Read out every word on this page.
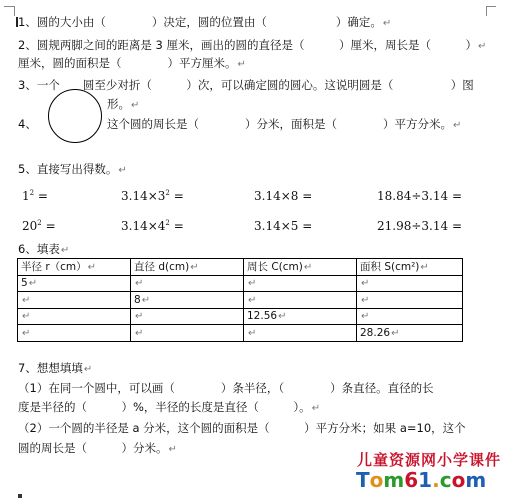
1、圆的大小由（　　　　）决定，圆的位置由（　　　　　　）确定。↵
2、圆规两脚之间的距离是 3 厘米，画出的圆的直径是（　　　）厘米，周长是（　　　）↵
厘米，圆的面积是（　　　　）平方厘米。↵
3、一个　　圆至少对折（　　　）次，可以确定圆的圆心。这说明圆是（　　　　　）图
形。↵
4、	这个圆的周长是（　　　　）分米，面积是（　　　　）平方分米。↵
5、直接写出得数。↵
$1^2$ =	$3.14\times 3^2$ =	3.14×8 =	18.84÷3.14 =
$20^2$ =	$3.14\times 4^2$ =	3.14×5 =	21.98÷3.14 =
6、填表↵
半径 r（cm）↵	直径 d(cm)↵	周长 C(cm)↵	面积 S(cm²)↵
5↵	↵	↵	↵
↵	8↵	↵	↵
↵	↵	12.56↵	↵
↵	↵	↵	28.26↵
7、想想填填↵
（1）在同一个圆中，可以画（　　　　）条半径，（　　　　）条直径。直径的长
度是半径的（　　　）%，半径的长度是直径（　　　）。↵
（2）一个圆的半径是 a 分米，这个圆的面积是（　　　）平方分米；如果 a=10，这个
圆的周长是（　　　）分米。↵
儿童资源网小学课件
Tom61.com
